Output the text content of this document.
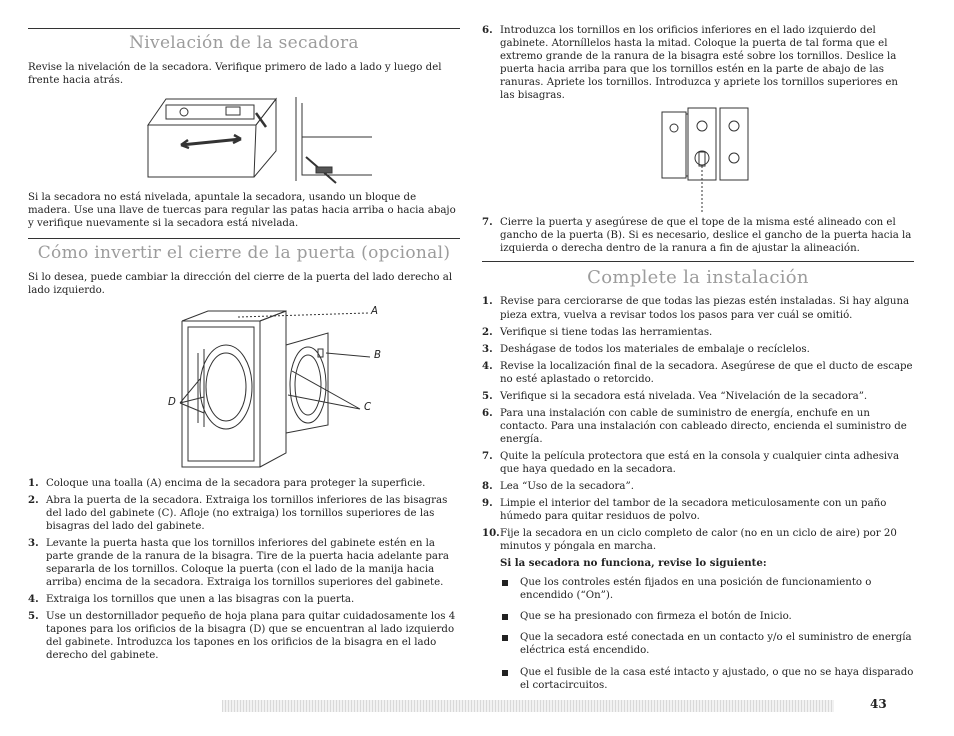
Nivelación de la secadora

Revise la nivelación de la secadora. Verifique primero de lado a lado y luego del frente hacia atrás.

Si la secadora no está nivelada, apuntale la secadora, usando un bloque de madera. Use una llave de tuercas para regular las patas hacia arriba o hacia abajo y verifique nuevamente si la secadora está nivelada.

Cómo invertir el cierre de la puerta (opcional)

Si lo desea, puede cambiar la dirección del cierre de la puerta del lado derecho al lado izquierdo.

A
B
C
D
1. Coloque una toalla (A) encima de la secadora para proteger la superficie.
2. Abra la puerta de la secadora. Extraiga los tornillos inferiores de las bisagras del lado del gabinete (C). Afloje (no extraiga) los tornillos superiores de las bisagras del lado del gabinete.
3. Levante la puerta hasta que los tornillos inferiores del gabinete estén en la parte grande de la ranura de la bisagra. Tire de la puerta hacia adelante para separarla de los tornillos. Coloque la puerta (con el lado de la manija hacia arriba) encima de la secadora. Extraiga los tornillos superiores del gabinete.
4. Extraiga los tornillos que unen a las bisagras con la puerta.
5. Use un destornillador pequeño de hoja plana para quitar cuidadosamente los 4 tapones para los orificios de la bisagra (D) que se encuentran al lado izquierdo del gabinete. Introduzca los tapones en los orificios de la bisagra en el lado derecho del gabinete.
6. Introduzca los tornillos en los orificios inferiores en el lado izquierdo del gabinete. Atorníllelos hasta la mitad. Coloque la puerta de tal forma que el extremo grande de la ranura de la bisagra esté sobre los tornillos. Deslice la puerta hacia arriba para que los tornillos estén en la parte de abajo de las ranuras. Apriete los tornillos. Introduzca y apriete los tornillos superiores en las bisagras.
7. Cierre la puerta y asegúrese de que el tope de la misma esté alineado con el gancho de la puerta (B). Si es necesario, deslice el gancho de la puerta hacia la izquierda o derecha dentro de la ranura a fin de ajustar la alineación.
Complete la instalación
1. Revise para cerciorarse de que todas las piezas estén instaladas. Si hay alguna pieza extra, vuelva a revisar todos los pasos para ver cuál se omitió.
2. Verifique si tiene todas las herramientas.
3. Deshágase de todos los materiales de embalaje o recíclelos.
4. Revise la localización final de la secadora. Asegúrese de que el ducto de escape no esté aplastado o retorcido.
5. Verifique si la secadora está nivelada. Vea “Nivelación de la secadora”.
6. Para una instalación con cable de suministro de energía, enchufe en un contacto. Para una instalación con cableado directo, encienda el suministro de energía.
7. Quite la película protectora que está en la consola y cualquier cinta adhesiva que haya quedado en la secadora.
8. Lea “Uso de la secadora”.
9. Limpie el interior del tambor de la secadora meticulosamente con un paño húmedo para quitar residuos de polvo.
10. Fije la secadora en un ciclo completo de calor (no en un ciclo de aire) por 20 minutos y póngala en marcha.

Si la secadora no funciona, revise lo siguiente:

Que los controles estén fijados en una posición de funcionamiento o encendido (“On”).
Que se ha presionado con firmeza el botón de Inicio.
Que la secadora esté conectada en un contacto y/o el suministro de energía eléctrica está encendido.
Que el fusible de la casa esté intacto y ajustado, o que no se haya disparado el cortacircuitos.
43
